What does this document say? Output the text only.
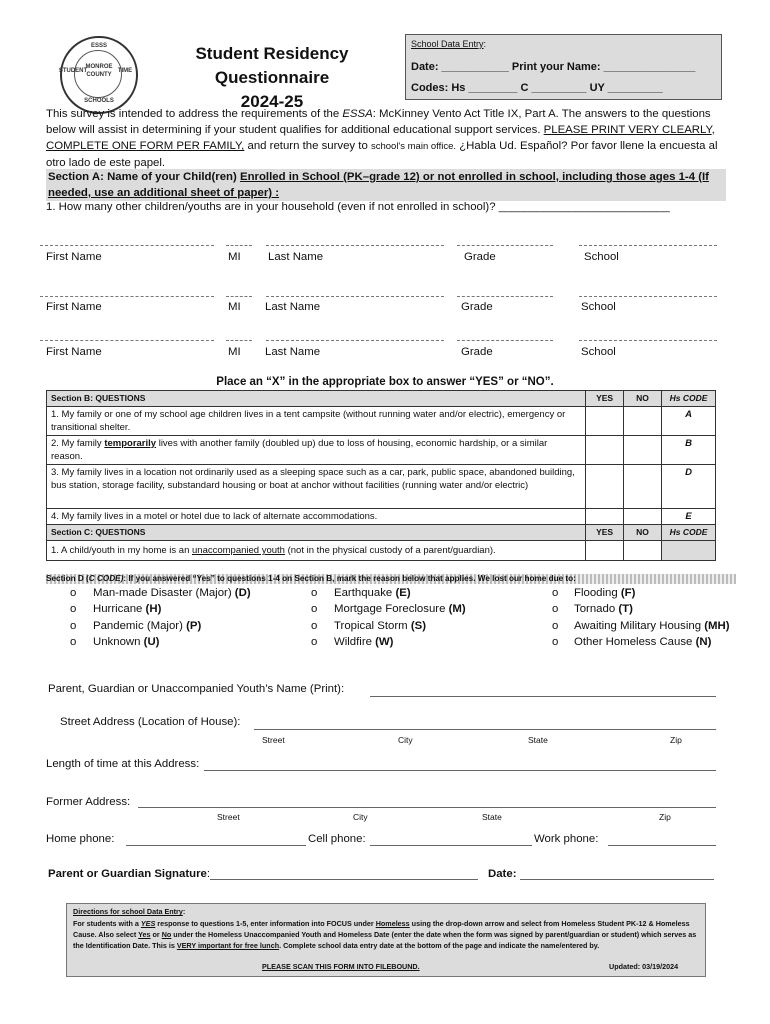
ESSS
STUDENT	TIME
MONROE
COUNTY
SCHOOLS
Student Residency Questionnaire
2024-25
School Data Entry:
Date: ___________ Print your Name: _______________
Codes: Hs ________ C _________ UY _________
This survey is intended to address the requirements of the ESSA: McKinney Vento Act Title IX, Part A. The answers to the questions below will assist in determining if your student qualifies for additional educational support services. PLEASE PRINT VERY CLEARLY, COMPLETE ONE FORM PER FAMILY, and return the survey to school's main office. ¿Habla Ud. Español? Por favor llene la encuesta al otro lado de este papel.
Section A: Name of your Child(ren) Enrolled in School (PK–grade 12) or not enrolled in school, including those ages 1-4 (If needed, use an additional sheet of paper) :
1. How many other children/youths are in your household (even if not enrolled in school)? ___________________________
First Name	MI Last Name	Grade	School
First Name	MI Last Name	Grade	School
First Name	MI Last Name	Grade	School
Place an “X” in the appropriate box to answer “YES” or “NO”.
Section B: QUESTIONS	YES	NO	Hs CODE
1. My family or one of my school age children lives in a tent campsite (without running water and/or electric), emergency or transitional shelter.			A
2. My family temporarily lives with another family (doubled up) due to loss of housing, economic hardship, or a similar reason.			B
3. My family lives in a location not ordinarily used as a sleeping space such as a car, park, public space, abandoned building, bus station, storage facility, substandard housing or boat at anchor without facilities (running water and/or electric)			D
4. My family lives in a motel or hotel due to lack of alternate accommodations.			E
Section C: QUESTIONS	YES	NO	Hs CODE
1. A child/youth in my home is an unaccompanied youth (not in the physical custody of a parent/guardian).			
Section D (C CODE): If you answered “Yes” to questions 1-4 on Section B, mark the reason below that applies. We lost our home due to:
o Man-made Disaster (Major) (D)
o Hurricane (H)
o Pandemic (Major) (P)
o Unknown (U)
o Earthquake (E)
o Mortgage Foreclosure (M)
o Tropical Storm (S)
o Wildfire (W)
o Flooding (F)
o Tornado (T)
o Awaiting Military Housing (MH)
o Other Homeless Cause (N)
Parent, Guardian or Unaccompanied Youth’s Name (Print):
Street Address (Location of House):
Street	City	State	Zip
Length of time at this Address:
Former Address:
Street	City	State	Zip
Home phone:	Cell phone:	Work phone:
Parent or Guardian Signature:	Date:
Directions for school Data Entry:
For students with a YES response to questions 1-5, enter information into FOCUS under Homeless using the drop-down arrow and select from Homeless Student PK-12 & Homeless Cause. Also select Yes or No under the Homeless Unaccompanied Youth and Homeless Date (enter the date when the form was signed by parent/guardian or student) which serves as the Identification Date. This is VERY important for free lunch. Complete school data entry date at the bottom of the page and indicate the name/entered by.
PLEASE SCAN THIS FORM INTO FILEBOUND.	Updated: 03/19/2024
